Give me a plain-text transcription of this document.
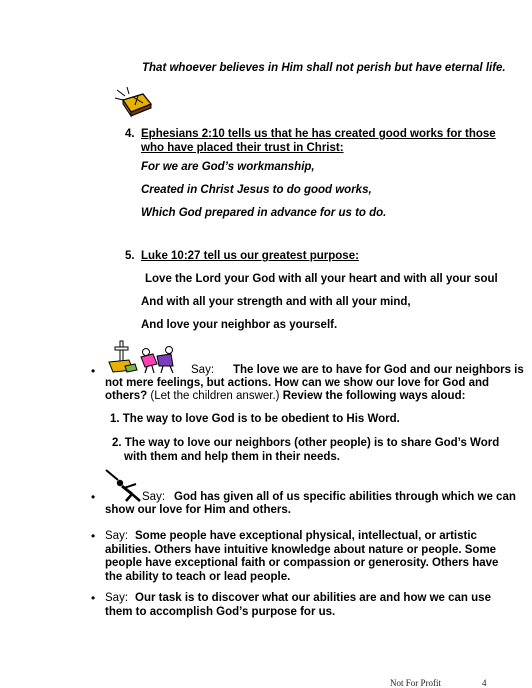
That whoever believes in Him shall not perish but have eternal life.
4. Ephesians 2:10 tells us that he has created good works for those
who have placed their trust in Christ:
For we are God’s workmanship,
Created in Christ Jesus to do good works,
Which God prepared in advance for us to do.
5. Luke 10:27 tell us our greatest purpose:
Love the Lord your God with all your heart and with all your soul
And with all your strength and with all your mind,
And love your neighbor as yourself.
•	Say: The love we are to have for God and our neighbors is
not mere feelings, but actions. How can we show our love for God and
others? (Let the children answer.) Review the following ways aloud:
1. The way to love God is to be obedient to His Word.
2. The way to love our neighbors (other people) is to share God’s Word
with them and help them in their needs.
•	Say: God has given all of us specific abilities through which we can
show our love for Him and others.
• Say: Some people have exceptional physical, intellectual, or artistic
abilities. Others have intuitive knowledge about nature or people. Some
people have exceptional faith or compassion or generosity. Others have
the ability to teach or lead people.
• Say: Our task is to discover what our abilities are and how we can use
them to accomplish God’s purpose for us.
Not For Profit	4
